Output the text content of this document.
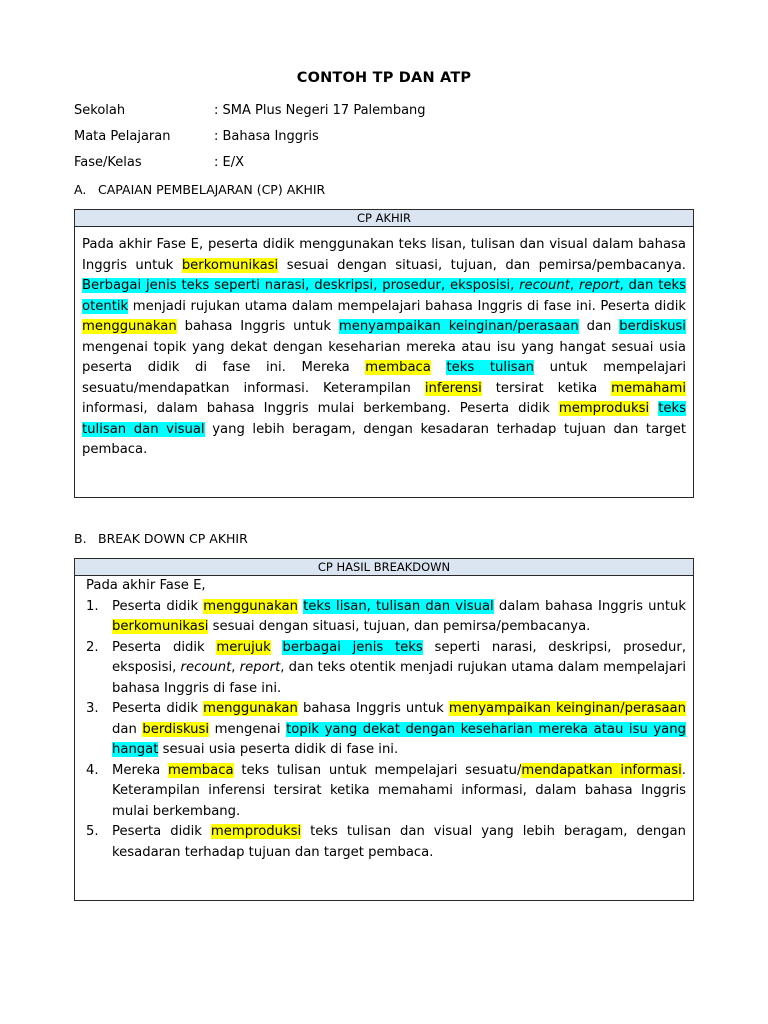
CONTOH TP DAN ATP
Sekolah	: SMA Plus Negeri 17 Palembang
Mata Pelajaran	: Bahasa Inggris
Fase/Kelas	: E/X
A. CAPAIAN PEMBELAJARAN (CP) AKHIR
CP AKHIR
Pada akhir Fase E, peserta didik menggunakan teks lisan, tulisan dan visual dalam bahasa Inggris untuk berkomunikasi sesuai dengan situasi, tujuan, dan pemirsa/pembacanya. Berbagai jenis teks seperti narasi, deskripsi, prosedur, eksposisi, recount, report, dan teks otentik menjadi rujukan utama dalam mempelajari bahasa Inggris di fase ini. Peserta didik menggunakan bahasa Inggris untuk menyampaikan keinginan/perasaan dan berdiskusi mengenai topik yang dekat dengan keseharian mereka atau isu yang hangat sesuai usia peserta didik di fase ini. Mereka membaca teks tulisan untuk mempelajari sesuatu/mendapatkan informasi. Keterampilan inferensi tersirat ketika memahami informasi, dalam bahasa Inggris mulai berkembang. Peserta didik memproduksi teks tulisan dan visual yang lebih beragam, dengan kesadaran terhadap tujuan dan target pembaca.
B. BREAK DOWN CP AKHIR
CP HASIL BREAKDOWN
Pada akhir Fase E,
1. Peserta didik menggunakan teks lisan, tulisan dan visual dalam bahasa Inggris untuk berkomunikasi sesuai dengan situasi, tujuan, dan pemirsa/pembacanya.
2. Peserta didik merujuk berbagai jenis teks seperti narasi, deskripsi, prosedur, eksposisi, recount, report, dan teks otentik menjadi rujukan utama dalam mempelajari bahasa Inggris di fase ini.
3. Peserta didik menggunakan bahasa Inggris untuk menyampaikan keinginan/perasaan dan berdiskusi mengenai topik yang dekat dengan keseharian mereka atau isu yang hangat sesuai usia peserta didik di fase ini.
4. Mereka membaca teks tulisan untuk mempelajari sesuatu/mendapatkan informasi. Keterampilan inferensi tersirat ketika memahami informasi, dalam bahasa Inggris mulai berkembang.
5. Peserta didik memproduksi teks tulisan dan visual yang lebih beragam, dengan kesadaran terhadap tujuan dan target pembaca.
